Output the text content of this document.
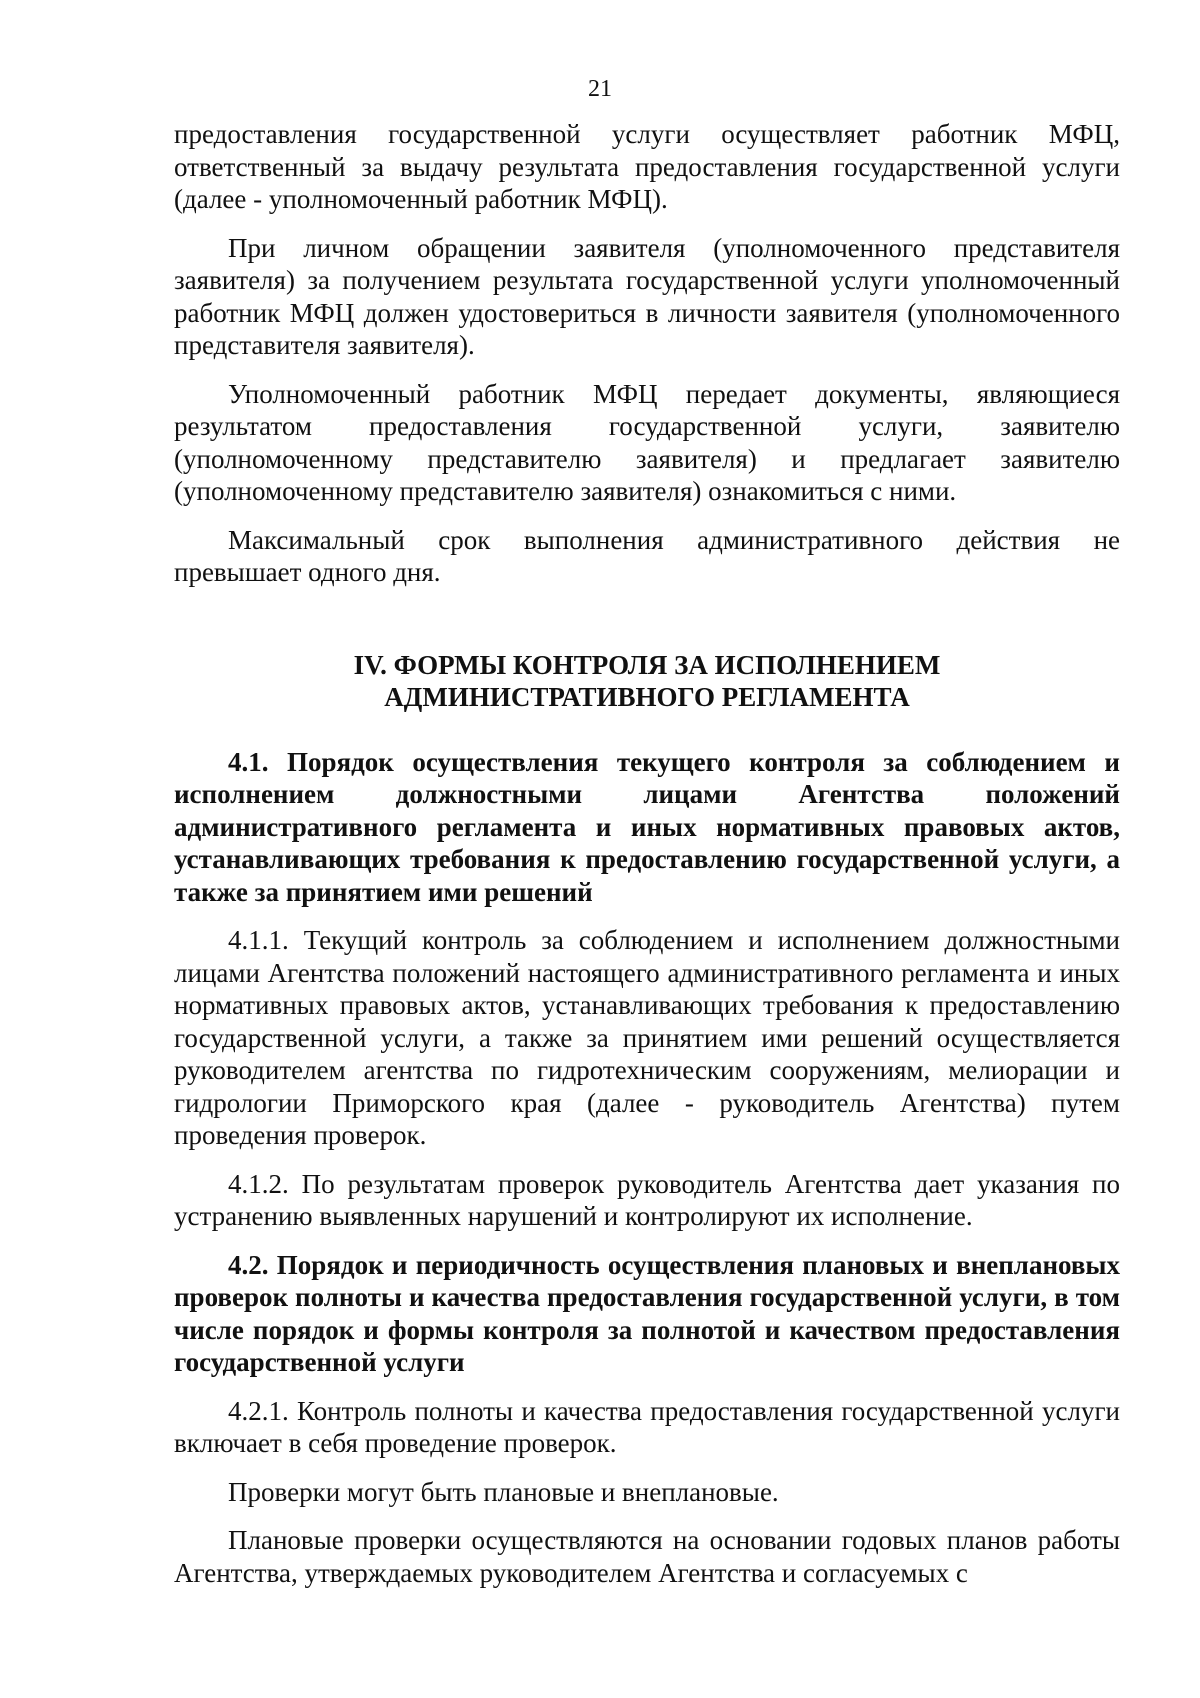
21

предоставления государственной услуги осуществляет работник МФЦ, ответственный за выдачу результата предоставления государственной услуги (далее - уполномоченный работник МФЦ).

При личном обращении заявителя (уполномоченного представителя заявителя) за получением результата государственной услуги уполномоченный работник МФЦ должен удостовериться в личности заявителя (уполномоченного представителя заявителя).

Уполномоченный работник МФЦ передает документы, являющиеся результатом предоставления государственной услуги, заявителю (уполномоченному представителю заявителя) и предлагает заявителю (уполномоченному представителю заявителя) ознакомиться с ними.

Максимальный срок выполнения административного действия не превышает одного дня.

IV. ФОРМЫ КОНТРОЛЯ ЗА ИСПОЛНЕНИЕМ
АДМИНИСТРАТИВНОГО РЕГЛАМЕНТА

4.1. Порядок осуществления текущего контроля за соблюдением и исполнением должностными лицами Агентства положений административного регламента и иных нормативных правовых актов, устанавливающих требования к предоставлению государственной услуги, а также за принятием ими решений

4.1.1. Текущий контроль за соблюдением и исполнением должностными лицами Агентства положений настоящего административного регламента и иных нормативных правовых актов, устанавливающих требования к предоставлению государственной услуги, а также за принятием ими решений осуществляется руководителем агентства по гидротехническим сооружениям, мелиорации и гидрологии Приморского края (далее - руководитель Агентства) путем проведения проверок.

4.1.2. По результатам проверок руководитель Агентства дает указания по устранению выявленных нарушений и контролируют их исполнение.

4.2. Порядок и периодичность осуществления плановых и внеплановых проверок полноты и качества предоставления государственной услуги, в том числе порядок и формы контроля за полнотой и качеством предоставления государственной услуги

4.2.1. Контроль полноты и качества предоставления государственной услуги включает в себя проведение проверок.

Проверки могут быть плановые и внеплановые.

Плановые проверки осуществляются на основании годовых планов работы Агентства, утверждаемых руководителем Агентства и согласуемых с
